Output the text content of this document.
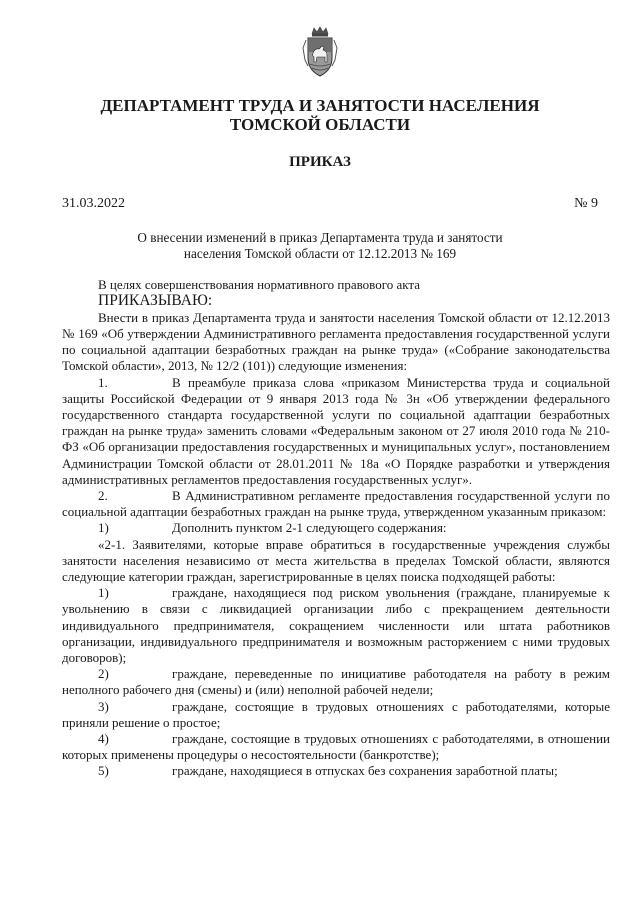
ДЕПАРТАМЕНТ ТРУДА И ЗАНЯТОСТИ НАСЕЛЕНИЯ
ТОМСКОЙ ОБЛАСТИ
ПРИКАЗ
31.03.2022	№ 9
О внесении изменений в приказ Департамента труда и занятости
населения Томской области от 12.12.2013 № 169

В целях совершенствования нормативного правового акта

ПРИКАЗЫВАЮ:

Внести в приказ Департамента труда и занятости населения Томской области от 12.12.2013 № 169 «Об утверждении Административного регламента предоставления государственной услуги по социальной адаптации безработных граждан на рынке труда» («Собрание законодательства Томской области», 2013, № 12/2 (101)) следующие изменения:

1.	В преамбуле приказа слова «приказом Министерства труда и социальной защиты Российской Федерации от 9 января 2013 года № 3н «Об утверждении федерального государственного стандарта государственной услуги по социальной адаптации безработных граждан на рынке труда» заменить словами «Федеральным законом от 27 июля 2010 года № 210-ФЗ «Об организации предоставления государственных и муниципальных услуг», постановлением Администрации Томской области от 28.01.2011 № 18а «О Порядке разработки и утверждения административных регламентов предоставления государственных услуг».

2.	В Административном регламенте предоставления государственной услуги по социальной адаптации безработных граждан на рынке труда, утвержденном указанным приказом:

1)	Дополнить пунктом 2-1 следующего содержания:

«2-1. Заявителями, которые вправе обратиться в государственные учреждения службы занятости населения независимо от места жительства в пределах Томской области, являются следующие категории граждан, зарегистрированные в целях поиска подходящей работы:

1)	граждане, находящиеся под риском увольнения (граждане, планируемые к увольнению в связи с ликвидацией организации либо с прекращением деятельности индивидуального предпринимателя, сокращением численности или штата работников организации, индивидуального предпринимателя и возможным расторжением с ними трудовых договоров);

2)	граждане, переведенные по инициативе работодателя на работу в режим неполного рабочего дня (смены) и (или) неполной рабочей недели;

3)	граждане, состоящие в трудовых отношениях с работодателями, которые приняли решение о простое;

4)	граждане, состоящие в трудовых отношениях с работодателями, в отношении которых применены процедуры о несостоятельности (банкротстве);

5)	граждане, находящиеся в отпусках без сохранения заработной платы;
